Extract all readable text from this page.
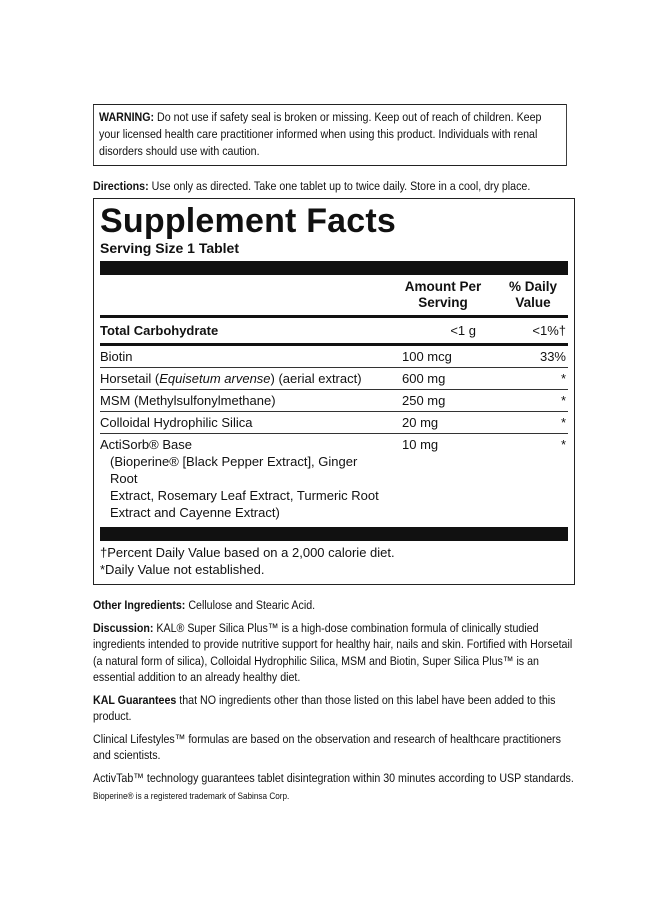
WARNING: Do not use if safety seal is broken or missing. Keep out of reach of children. Keep your licensed health care practitioner informed when using this product. Individuals with renal disorders should use with caution.
Directions: Use only as directed. Take one tablet up to twice daily. Store in a cool, dry place.
Supplement Facts
Serving Size 1 Tablet
Amount Per
Serving
% Daily
Value
Total Carbohydrate	<1 g	<1%†
Biotin	100 mcg	33%
Horsetail (Equisetum arvense) (aerial extract)	600 mg	*
MSM (Methylsulfonylmethane)	250 mg	*
Colloidal Hydrophilic Silica	20 mg	*
ActiSorb® Base
(Bioperine® [Black Pepper Extract], Ginger Root
Extract, Rosemary Leaf Extract, Turmeric Root
Extract and Cayenne Extract)
10 mg	*
†Percent Daily Value based on a 2,000 calorie diet.
*Daily Value not established.
Other Ingredients: Cellulose and Stearic Acid.
Discussion: KAL® Super Silica Plus™ is a high-dose combination formula of clinically studied ingredients intended to provide nutritive support for healthy hair, nails and skin. Fortified with Horsetail (a natural form of silica), Colloidal Hydrophilic Silica, MSM and Biotin, Super Silica Plus™ is an essential addition to an already healthy diet.
KAL Guarantees that NO ingredients other than those listed on this label have been added to this product.
Clinical Lifestyles™ formulas are based on the observation and research of healthcare practitioners and scientists.
ActivTab™ technology guarantees tablet disintegration within 30 minutes according to USP standards.
Bioperine® is a registered trademark of Sabinsa Corp.
